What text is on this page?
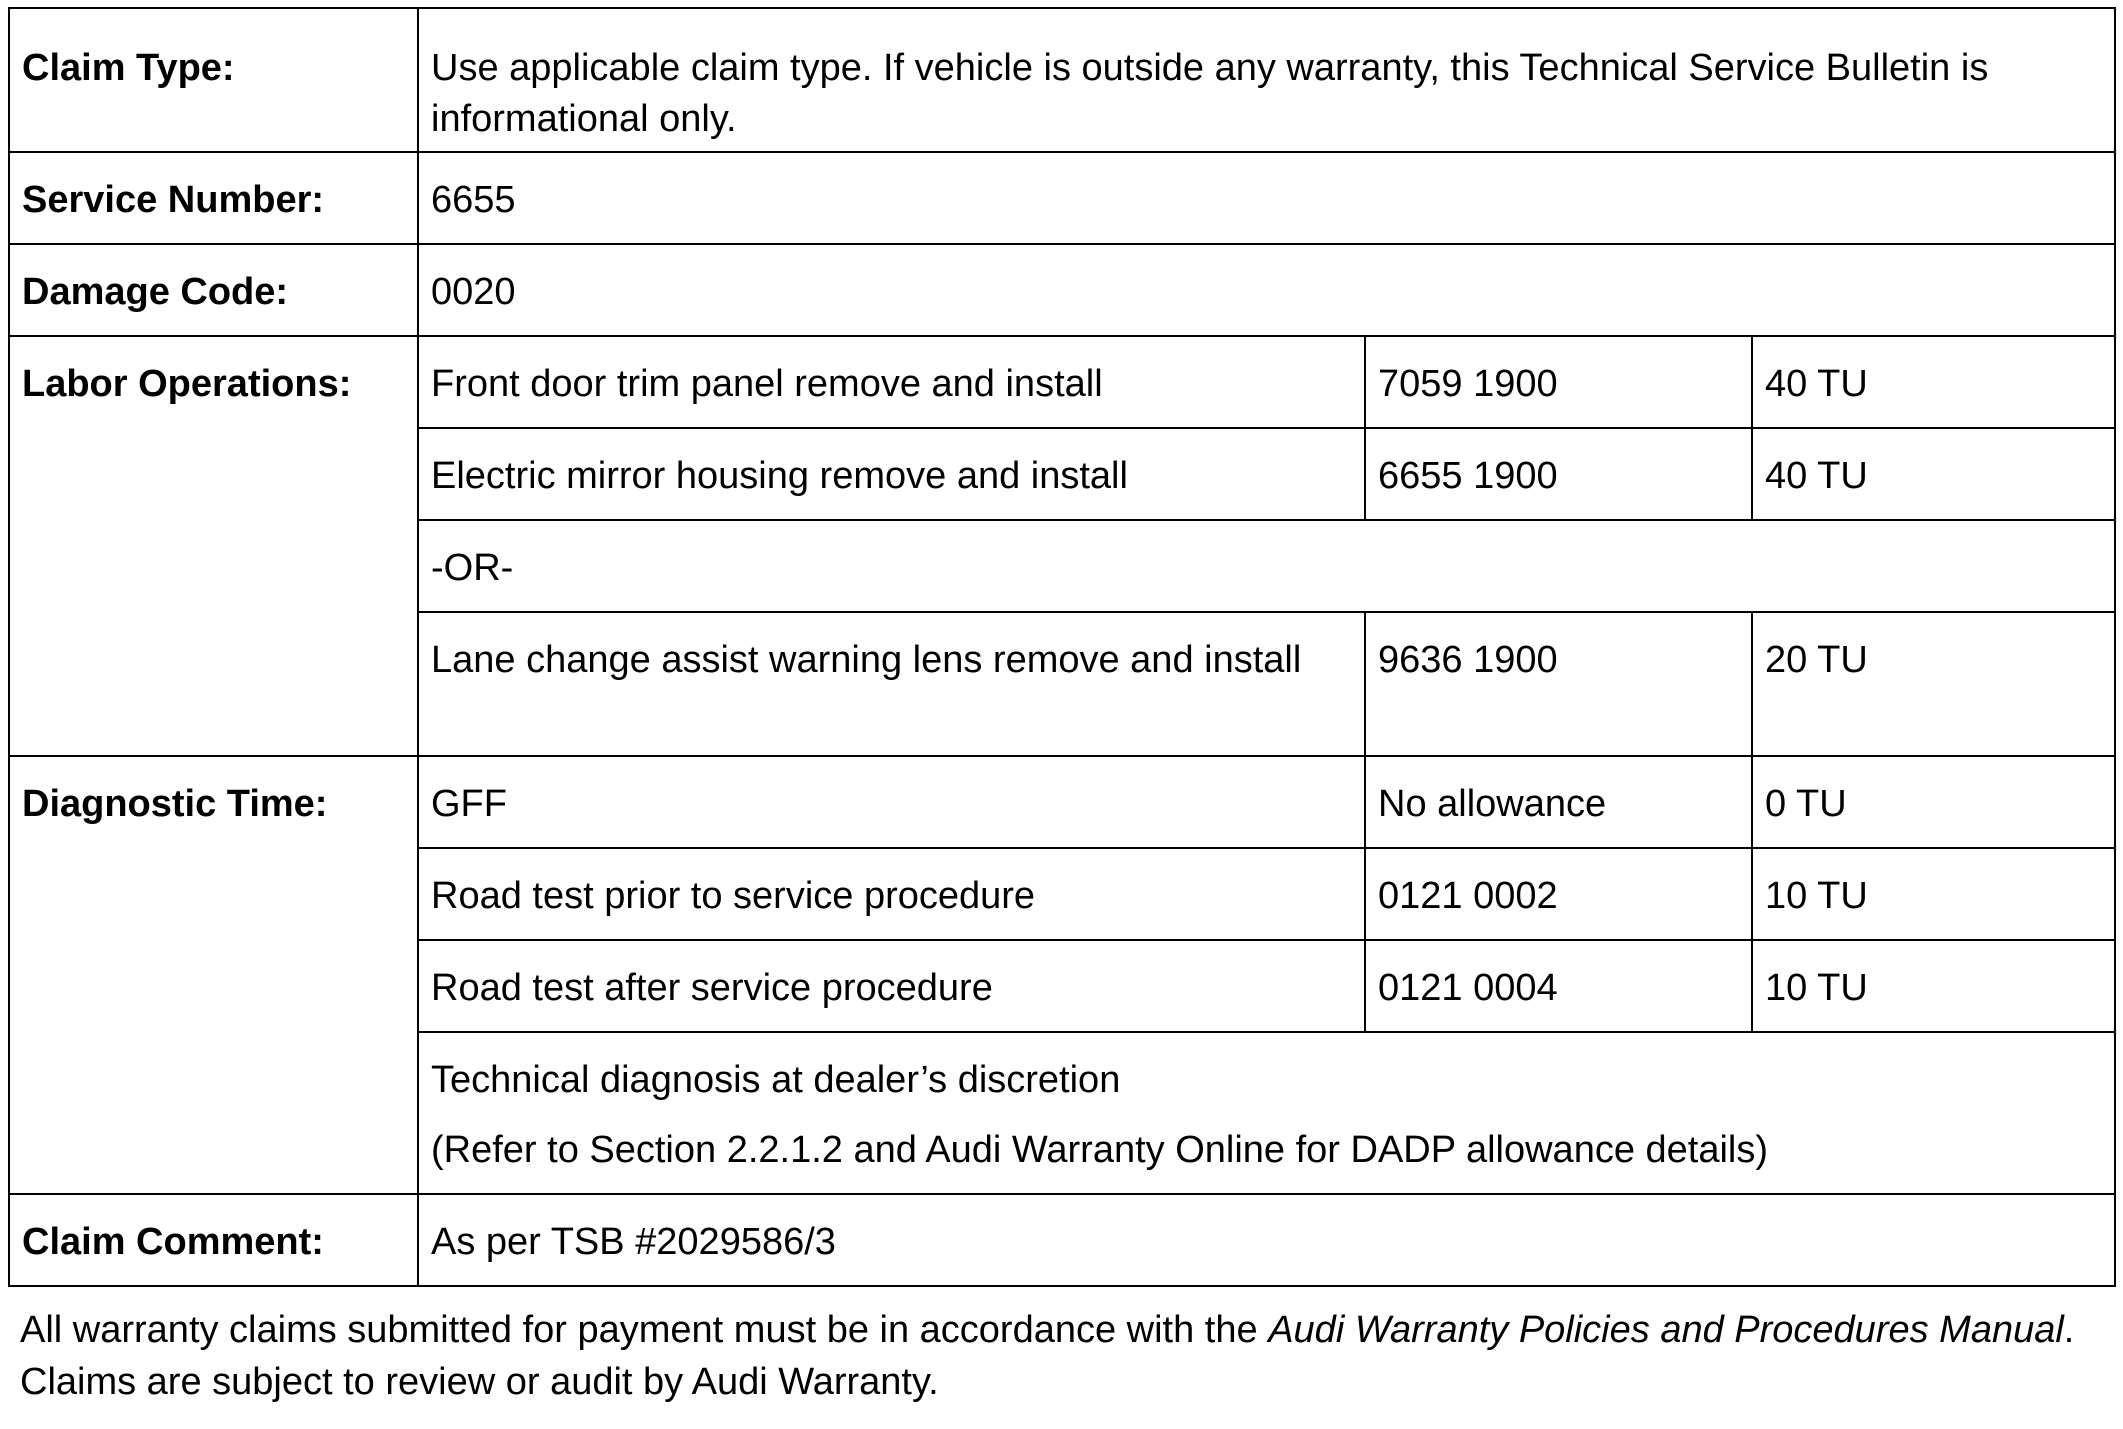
Claim Type:	Use applicable claim type. If vehicle is outside any warranty, this Technical Service Bulletin is informational only.		
Service Number:	6655		
Damage Code:	0020		
Labor Operations:	Front door trim panel remove and install	7059 1900	40 TU
	Electric mirror housing remove and install	6655 1900	40 TU
	-OR-		
	Lane change assist warning lens remove and install	9636 1900	20 TU
Diagnostic Time:	GFF	No allowance	0 TU
	Road test prior to service procedure	0121 0002	10 TU
	Road test after service procedure	0121 0004	10 TU
	Technical diagnosis at dealer’s discretion
(Refer to Section 2.2.1.2 and Audi Warranty Online for DADP allowance details)		

Claim Comment:	As per TSB #2029586/3		
All warranty claims submitted for payment must be in accordance with the Audi Warranty Policies and Procedures Manual. Claims are subject to review or audit by Audi Warranty.
